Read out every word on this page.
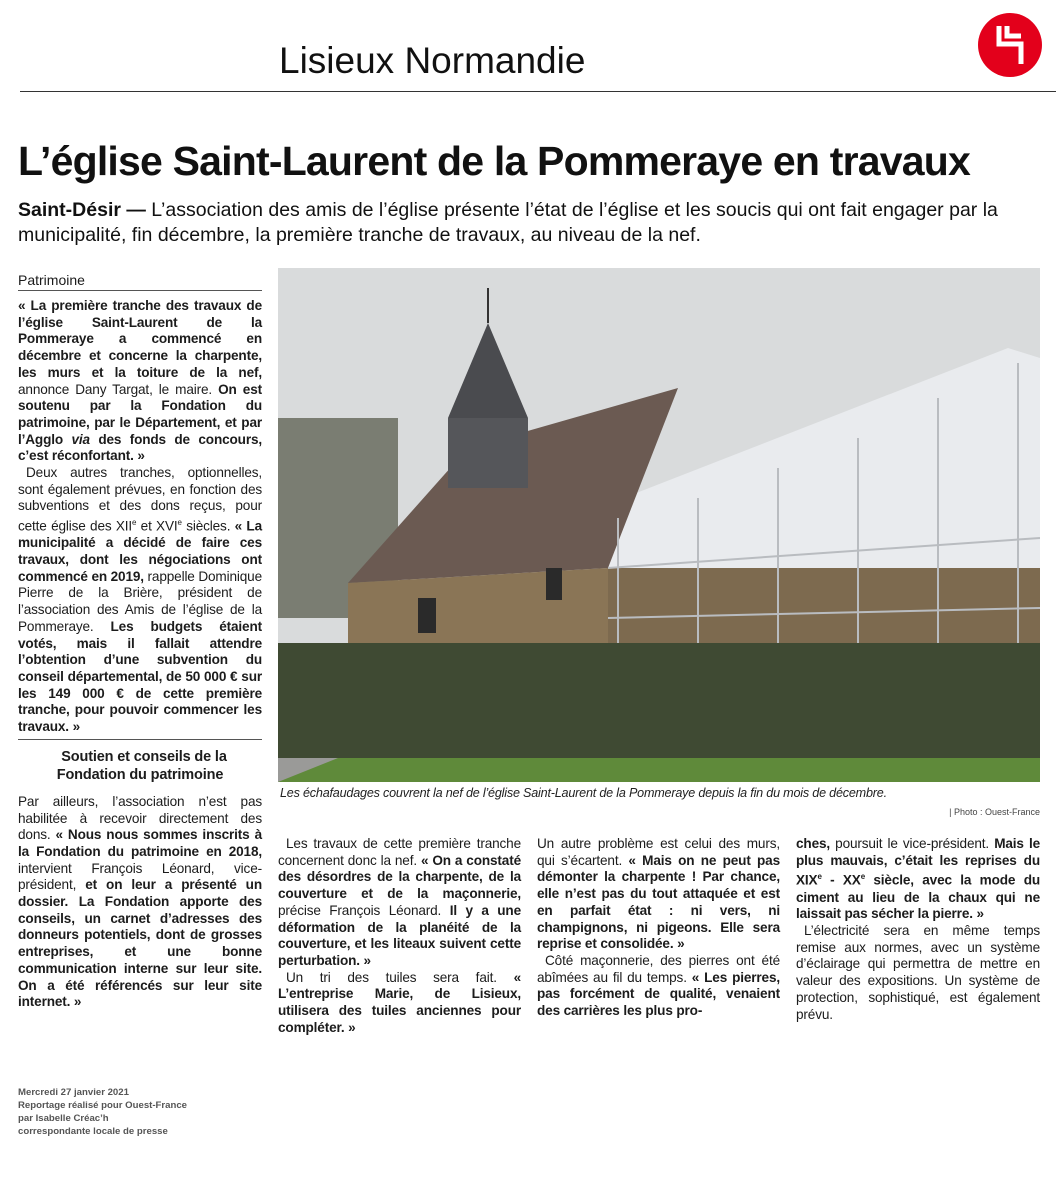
Lisieux Normandie
L’église Saint-Laurent de la Pommeraye en travaux
Saint-Désir — L’association des amis de l’église présente l’état de l’église et les soucis qui ont fait engager par la municipalité, fin décembre, la première tranche de travaux, au niveau de la nef.
Patrimoine

« La première tranche des travaux de l’église Saint-Laurent de la Pommeraye a commencé en décembre et concerne la charpente, les murs et la toiture de la nef, annonce Dany Targat, le maire. On est soutenu par la Fondation du patrimoine, par le Département, et par l’Agglo via des fonds de concours, c’est réconfortant. »

Deux autres tranches, optionnelles, sont également prévues, en fonction des subventions et des dons reçus, pour cette église des XIIe et XVIe siècles. « La municipalité a décidé de faire ces travaux, dont les négociations ont commencé en 2019, rappelle Dominique Pierre de la Brière, président de l’association des Amis de l’église de la Pommeraye. Les budgets étaient votés, mais il fallait attendre l’obtention d’une subvention du conseil départemental, de 50 000 € sur les 149 000 € de cette première tranche, pour pouvoir commencer les travaux. »

Soutien et conseils de la Fondation du patrimoine

Par ailleurs, l’association n’est pas habilitée à recevoir directement des dons. « Nous nous sommes inscrits à la Fondation du patrimoine en 2018, intervient François Léonard, vice-président, et on leur a présenté un dossier. La Fondation apporte des conseils, un carnet d’adresses des donneurs potentiels, dont de grosses entreprises, et une bonne communication interne sur leur site. On a été référencés sur leur site internet. »

Les échafaudages couvrent la nef de l’église Saint-Laurent de la Pommeraye depuis la fin du mois de décembre.
| Photo : Ouest-France

Les travaux de cette première tranche concernent donc la nef. « On a constaté des désordres de la charpente, de la couverture et de la maçonnerie, précise François Léonard. Il y a une déformation de la planéité de la couverture, et les liteaux suivent cette perturbation. »

Un tri des tuiles sera fait. « L’entreprise Marie, de Lisieux, utilisera des tuiles anciennes pour compléter. »

Un autre problème est celui des murs, qui s’écartent. « Mais on ne peut pas démonter la charpente ! Par chance, elle n’est pas du tout attaquée et est en parfait état : ni vers, ni champignons, ni pigeons. Elle sera reprise et consolidée. »

Côté maçonnerie, des pierres ont été abîmées au fil du temps. « Les pierres, pas forcément de qualité, venaient des carrières les plus pro-

ches, poursuit le vice-président. Mais le plus mauvais, c’était les reprises du XIXe - XXe siècle, avec la mode du ciment au lieu de la chaux qui ne laissait pas sécher la pierre. »

L’électricité sera en même temps remise aux normes, avec un système d’éclairage qui permettra de mettre en valeur des expositions. Un système de protection, sophistiqué, est également prévu.

Mercredi 27 janvier 2021
Reportage réalisé pour Ouest-France
par Isabelle Créac’h
correspondante locale de presse
